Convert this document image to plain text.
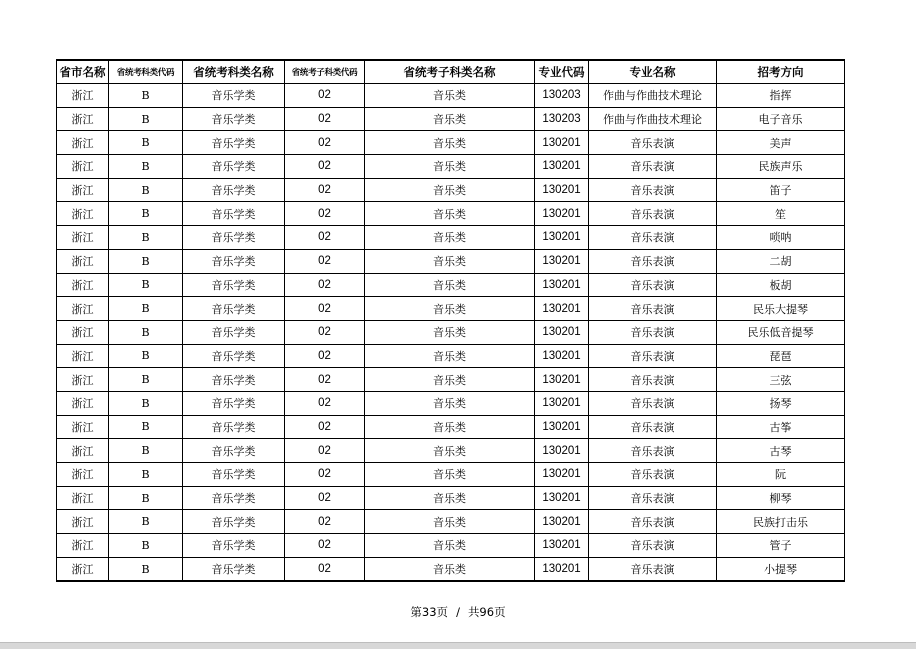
省市名称	省统考科类代码	省统考科类名称	省统考子科类代码	省统考子科类名称	专业代码	专业名称	招考方向
浙江	B	音乐学类	02	音乐类	130203	作曲与作曲技术理论	指挥
浙江	B	音乐学类	02	音乐类	130203	作曲与作曲技术理论	电子音乐
浙江	B	音乐学类	02	音乐类	130201	音乐表演	美声
浙江	B	音乐学类	02	音乐类	130201	音乐表演	民族声乐
浙江	B	音乐学类	02	音乐类	130201	音乐表演	笛子
浙江	B	音乐学类	02	音乐类	130201	音乐表演	笙
浙江	B	音乐学类	02	音乐类	130201	音乐表演	唢呐
浙江	B	音乐学类	02	音乐类	130201	音乐表演	二胡
浙江	B	音乐学类	02	音乐类	130201	音乐表演	板胡
浙江	B	音乐学类	02	音乐类	130201	音乐表演	民乐大提琴
浙江	B	音乐学类	02	音乐类	130201	音乐表演	民乐低音提琴
浙江	B	音乐学类	02	音乐类	130201	音乐表演	琵琶
浙江	B	音乐学类	02	音乐类	130201	音乐表演	三弦
浙江	B	音乐学类	02	音乐类	130201	音乐表演	扬琴
浙江	B	音乐学类	02	音乐类	130201	音乐表演	古筝
浙江	B	音乐学类	02	音乐类	130201	音乐表演	古琴
浙江	B	音乐学类	02	音乐类	130201	音乐表演	阮
浙江	B	音乐学类	02	音乐类	130201	音乐表演	柳琴
浙江	B	音乐学类	02	音乐类	130201	音乐表演	民族打击乐
浙江	B	音乐学类	02	音乐类	130201	音乐表演	管子
浙江	B	音乐学类	02	音乐类	130201	音乐表演	小提琴
第33页 / 共96页
